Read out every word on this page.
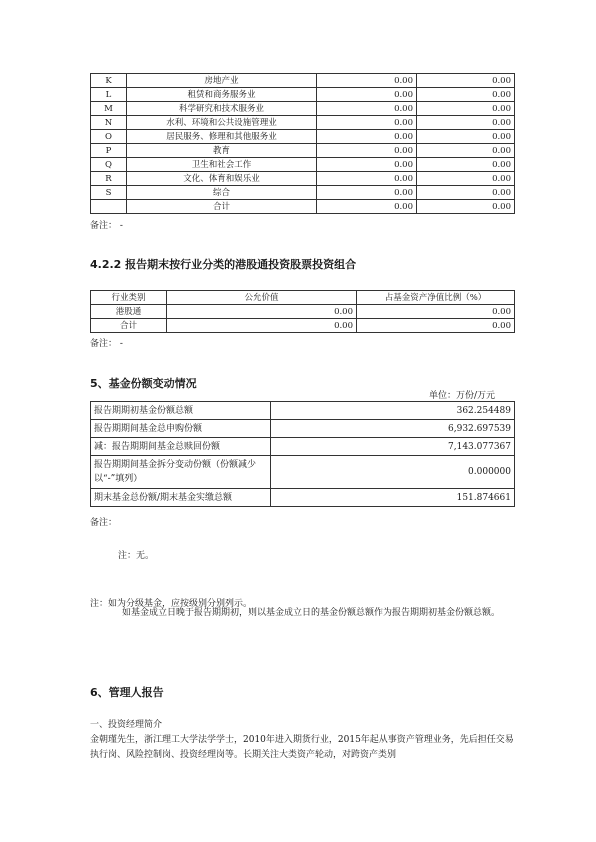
K	房地产业	0.00	0.00
L	租赁和商务服务业	0.00	0.00
M	科学研究和技术服务业	0.00	0.00
N	水利、环境和公共设施管理业	0.00	0.00
O	居民服务、修理和其他服务业	0.00	0.00
P	教育	0.00	0.00
Q	卫生和社会工作	0.00	0.00
R	文化、体育和娱乐业	0.00	0.00
S	综合	0.00	0.00
	合计	0.00	0.00
备注： -
4.2.2 报告期末按行业分类的港股通投资股票投资组合
行业类别	公允价值	占基金资产净值比例（%）
港股通	0.00	0.00
合计	0.00	0.00
备注： -
5、基金份额变动情况
单位：万份/万元
报告期期初基金份额总额	362.254489
报告期期间基金总申购份额	6,932.697539
减：报告期期间基金总赎回份额	7,143.077367
报告期期间基金拆分变动份额（份额减少以“-”填列）	0.000000
期末基金总份额/期末基金实缴总额	151.874661
备注：
注：无。
注：如为分级基金，应按级别分别列示。
如基金成立日晚于报告期期初，则以基金成立日的基金份额总额作为报告期期初基金份额总额。
6、管理人报告
一、投资经理简介
金朝瑾先生，浙江理工大学法学学士，2010年进入期货行业，2015年起从事资产管理业务，先后担任交易执行岗、风险控制岗、投资经理岗等。长期关注大类资产轮动，对跨资产类别
